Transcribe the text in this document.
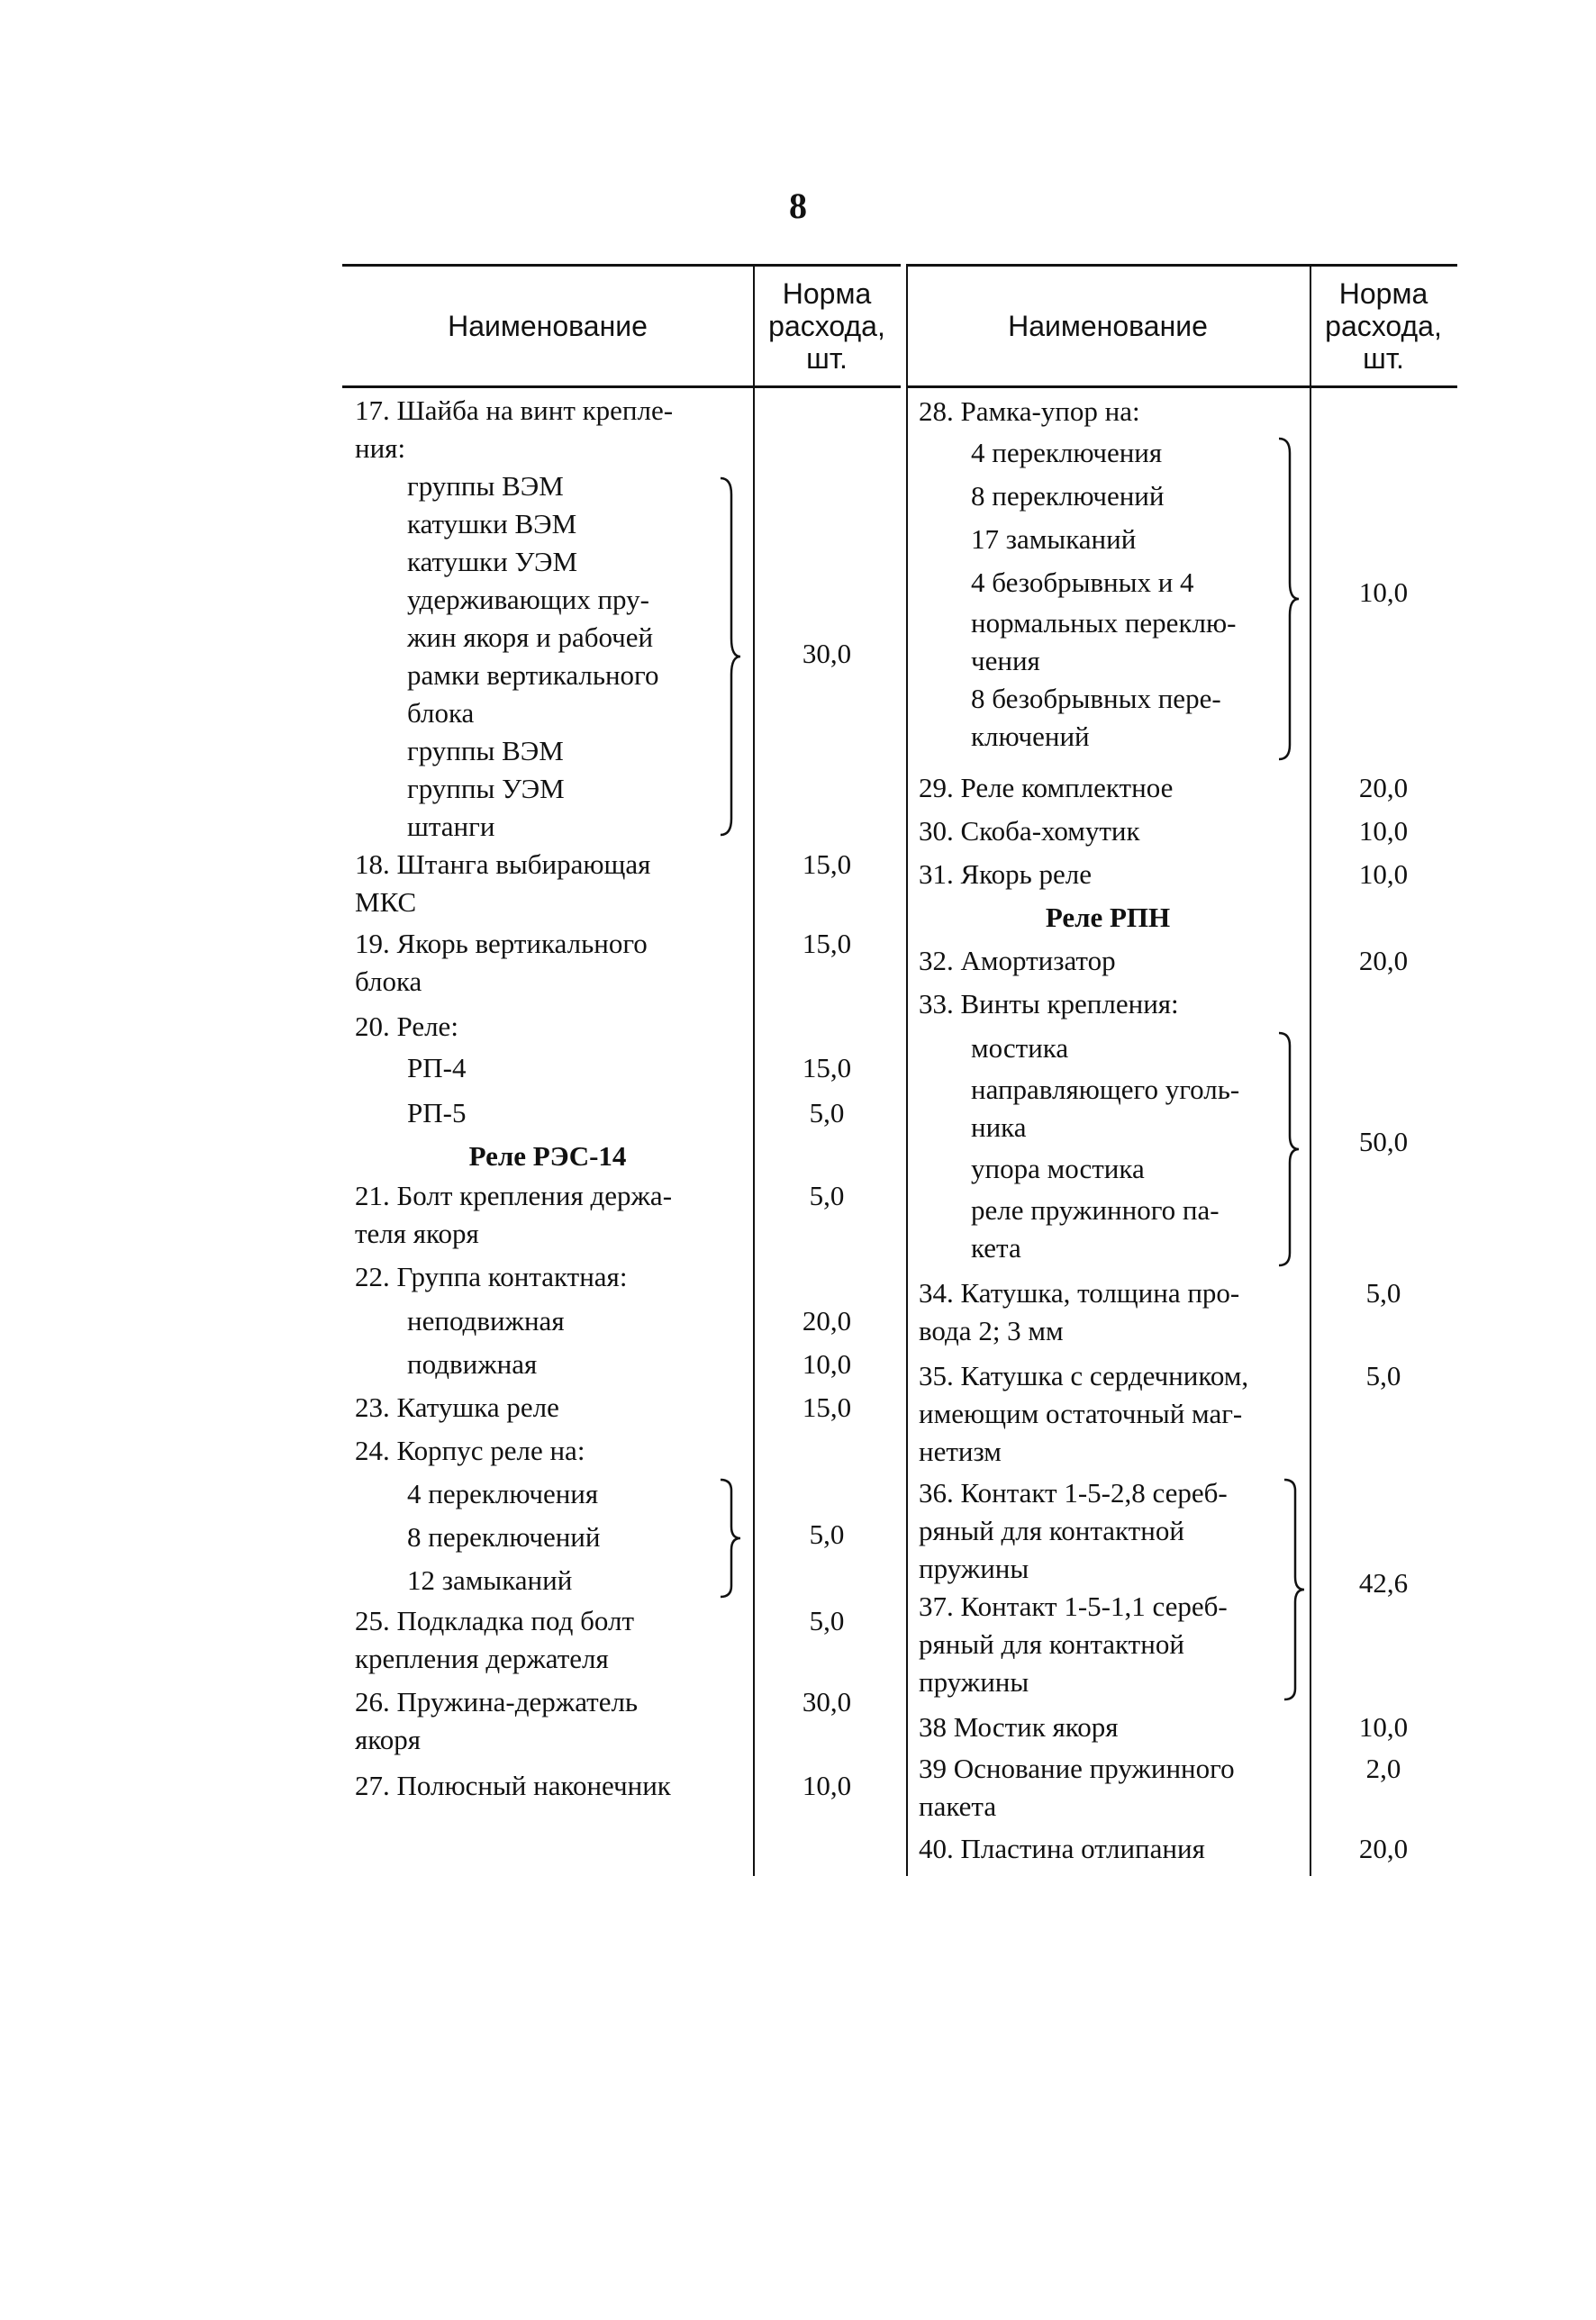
8
Наименование
Норма
расхода,
шт.
17. Шайба на винт крепле-
ния:
группы ВЭМ
катушки ВЭМ
катушки УЭМ
удерживающих пру-
жин якоря и рабочей
рамки вертикального
блока
группы ВЭМ
группы УЭМ
штанги
30,0
18. Штанга выбирающая
МКС
15,0
19. Якорь вертикального
блока
15,0
20. Реле:
РП-4	15,0
РП-5	5,0
Реле РЭС-14
21. Болт крепления держа-
теля якоря
5,0
22. Группа контактная:
неподвижная	20,0
подвижная	10,0
23. Катушка реле	15,0
24. Корпус реле на:
4 переключения
8 переключений
12 замыканий
5,0
25. Подкладка под болт
крепления держателя
5,0
26. Пружина-держатель
якоря
30,0
27. Полюсный наконечник	10,0
Наименование
Норма
расхода,
шт.
28. Рамка-упор на:
4 переключения
8 переключений
17 замыканий
4 безобрывных и 4
нормальных переклю-
чения
8 безобрывных пере-
ключений
10,0
29. Реле комплектное	20,0
30. Скоба-хомутик	10,0
31. Якорь реле	10,0
Реле РПН
32. Амортизатор	20,0
33. Винты крепления:
мостика
направляющего уголь-
ника
упора мостика
реле пружинного па-
кета
50,0
34. Катушка, толщина про-
вода 2; 3 мм
5,0
35. Катушка с сердечником,
имеющим остаточный маг-
нетизм
5,0
36. Контакт 1-5-2,8 сереб-
ряный для контактной
пружины
37. Контакт 1-5-1,1 сереб-
ряный для контактной
пружины
42,6
38 Мостик якоря	10,0
39 Основание пружинного
пакета
2,0
40. Пластина отлипания	20,0
